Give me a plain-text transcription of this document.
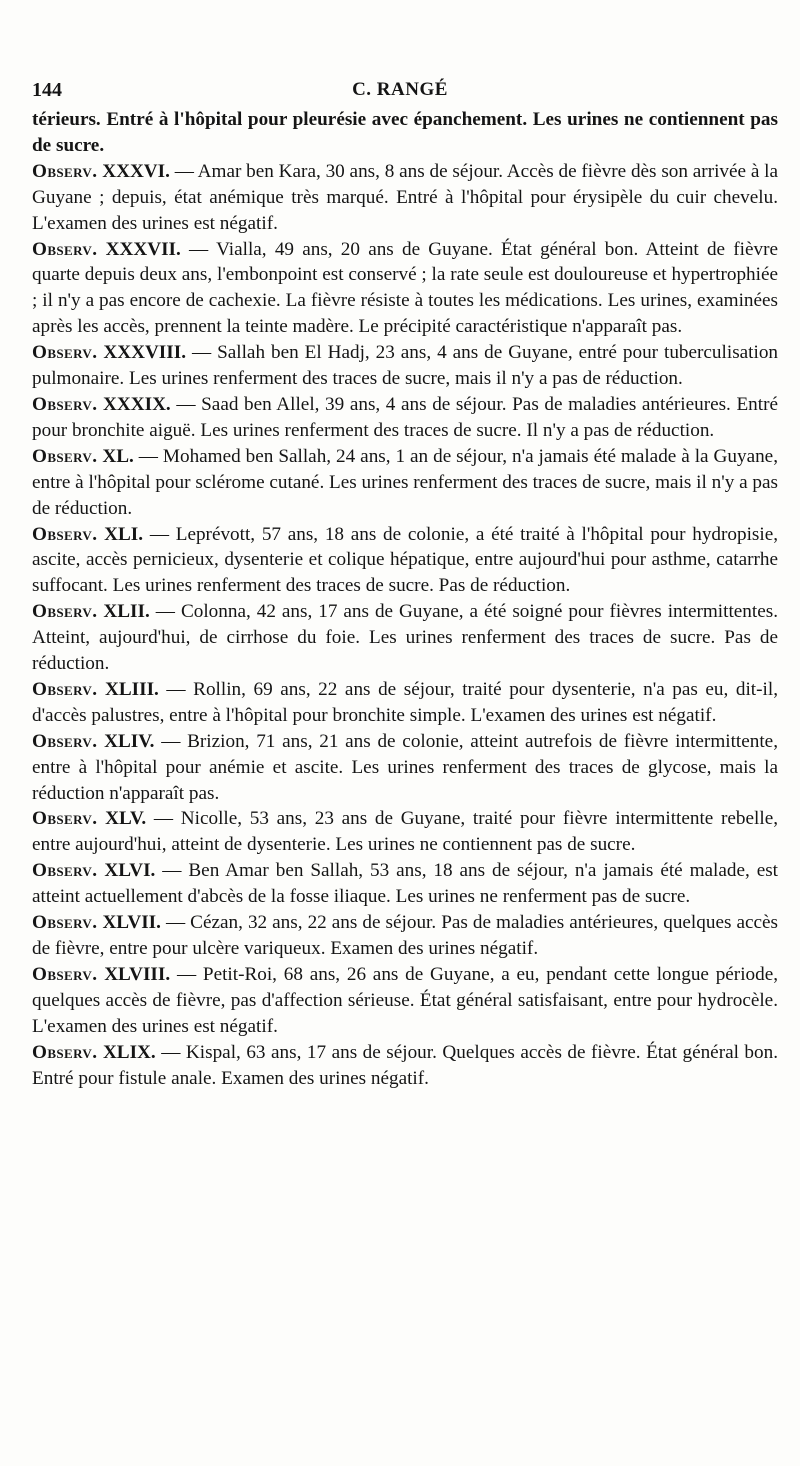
144	C. RANGÉ

térieurs. Entré à l'hôpital pour pleurésie avec épanchement. Les urines ne contiennent pas de sucre.

Observ. XXXVI. — Amar ben Kara, 30 ans, 8 ans de séjour. Accès de fièvre dès son arrivée à la Guyane ; depuis, état anémique très marqué. Entré à l'hôpital pour érysipèle du cuir chevelu. L'examen des urines est négatif.

Observ. XXXVII. — Vialla, 49 ans, 20 ans de Guyane. État général bon. Atteint de fièvre quarte depuis deux ans, l'embonpoint est conservé ; la rate seule est douloureuse et hypertrophiée ; il n'y a pas encore de cachexie. La fièvre résiste à toutes les médications. Les urines, examinées après les accès, prennent la teinte madère. Le précipité caractéristique n'apparaît pas.

Observ. XXXVIII. — Sallah ben El Hadj, 23 ans, 4 ans de Guyane, entré pour tuberculisation pulmonaire. Les urines renferment des traces de sucre, mais il n'y a pas de réduction.

Observ. XXXIX. — Saad ben Allel, 39 ans, 4 ans de séjour. Pas de maladies antérieures. Entré pour bronchite aiguë. Les urines renferment des traces de sucre. Il n'y a pas de réduction.

Observ. XL. — Mohamed ben Sallah, 24 ans, 1 an de séjour, n'a jamais été malade à la Guyane, entre à l'hôpital pour sclérome cutané. Les urines renferment des traces de sucre, mais il n'y a pas de réduction.

Observ. XLI. — Leprévott, 57 ans, 18 ans de colonie, a été traité à l'hôpital pour hydropisie, ascite, accès pernicieux, dysenterie et colique hépatique, entre aujourd'hui pour asthme, catarrhe suffocant. Les urines renferment des traces de sucre. Pas de réduction.

Observ. XLII. — Colonna, 42 ans, 17 ans de Guyane, a été soigné pour fièvres intermittentes. Atteint, aujourd'hui, de cirrhose du foie. Les urines renferment des traces de sucre. Pas de réduction.

Observ. XLIII. — Rollin, 69 ans, 22 ans de séjour, traité pour dysenterie, n'a pas eu, dit-il, d'accès palustres, entre à l'hôpital pour bronchite simple. L'examen des urines est négatif.

Observ. XLIV. — Brizion, 71 ans, 21 ans de colonie, atteint autrefois de fièvre intermittente, entre à l'hôpital pour anémie et ascite. Les urines renferment des traces de glycose, mais la réduction n'apparaît pas.

Observ. XLV. — Nicolle, 53 ans, 23 ans de Guyane, traité pour fièvre intermittente rebelle, entre aujourd'hui, atteint de dysenterie. Les urines ne contiennent pas de sucre.

Observ. XLVI. — Ben Amar ben Sallah, 53 ans, 18 ans de séjour, n'a jamais été malade, est atteint actuellement d'abcès de la fosse iliaque. Les urines ne renferment pas de sucre.

Observ. XLVII. — Cézan, 32 ans, 22 ans de séjour. Pas de maladies antérieures, quelques accès de fièvre, entre pour ulcère variqueux. Examen des urines négatif.

Observ. XLVIII. — Petit-Roi, 68 ans, 26 ans de Guyane, a eu, pendant cette longue période, quelques accès de fièvre, pas d'affection sérieuse. État général satisfaisant, entre pour hydrocèle. L'examen des urines est négatif.

Observ. XLIX. — Kispal, 63 ans, 17 ans de séjour. Quelques accès de fièvre. État général bon. Entré pour fistule anale. Examen des urines négatif.
